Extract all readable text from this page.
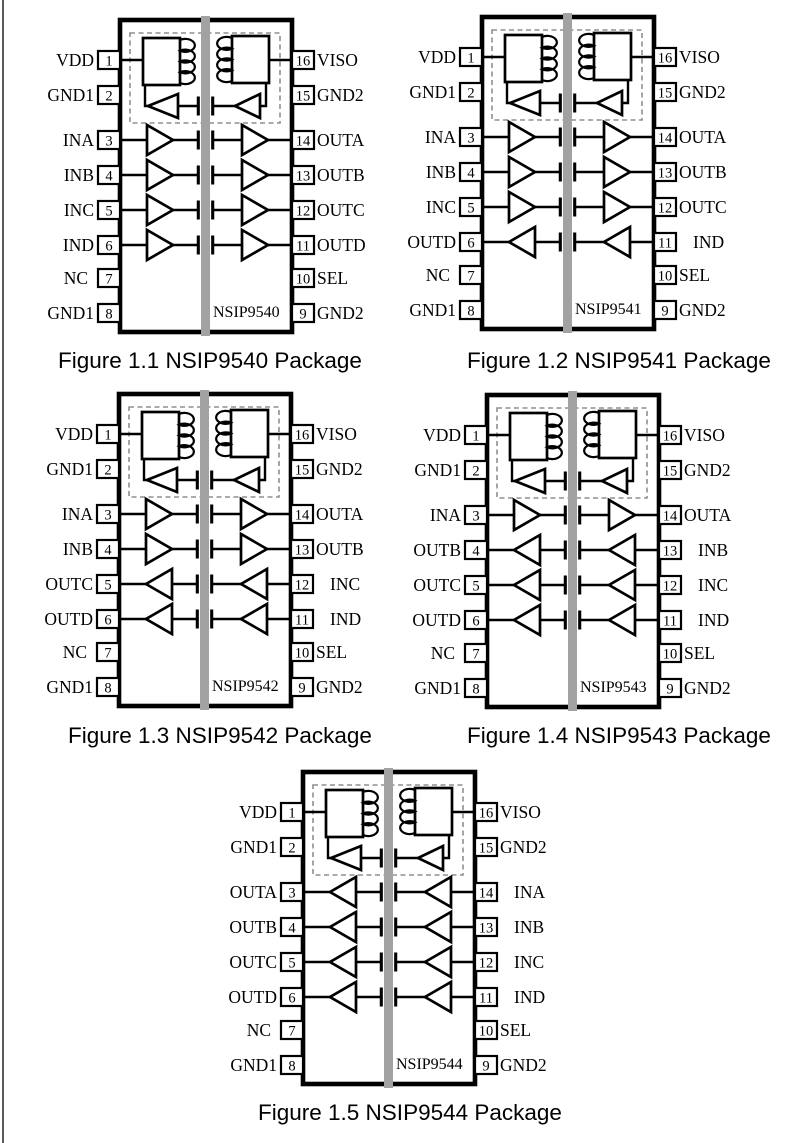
NSIP9540
1
VDD
2
GND1
3
INA
4
INB
5
INC
6
IND
7
NC
8
GND1
16 VISO
15 GND2
14 OUTA
13 OUTB
12 OUTC
11 OUTD
10 SEL
9 GND2	NSIP9541
1
VDD
2
GND1
3
INA
4
INB
5
INC
6
OUTD
7
NC
8
GND1
16 VISO
15 GND2
14 OUTA
13 OUTB
12 OUTC
11 IND
10 SEL
9 GND2
NSIP9542
1
VDD
2
GND1
3
INA
4
INB
5
OUTC
6
OUTD
7
NC
8
GND1
16 VISO
15 GND2
14 OUTA
13 OUTB
12 INC
11 IND
10 SEL
9 GND2	NSIP9543
1
VDD
2
GND1
3
INA
4
OUTB
5
OUTC
6
OUTD
7
NC
8
GND1
16 VISO
15 GND2
14 OUTA
13 INB
12 INC
11 IND
10 SEL
9 GND2
NSIP9544
1
VDD
2
GND1
3
OUTA
4
OUTB
5
OUTC
6
OUTD
7
NC
8
GND1
16 VISO
15 GND2
14 INA
13 INB
12 INC
11 IND
10 SEL
9 GND2
Figure 1.1 NSIP9540 Package	Figure 1.2 NSIP9541 Package
Figure 1.3 NSIP9542 Package	Figure 1.4 NSIP9543 Package
Figure 1.5 NSIP9544 Package
